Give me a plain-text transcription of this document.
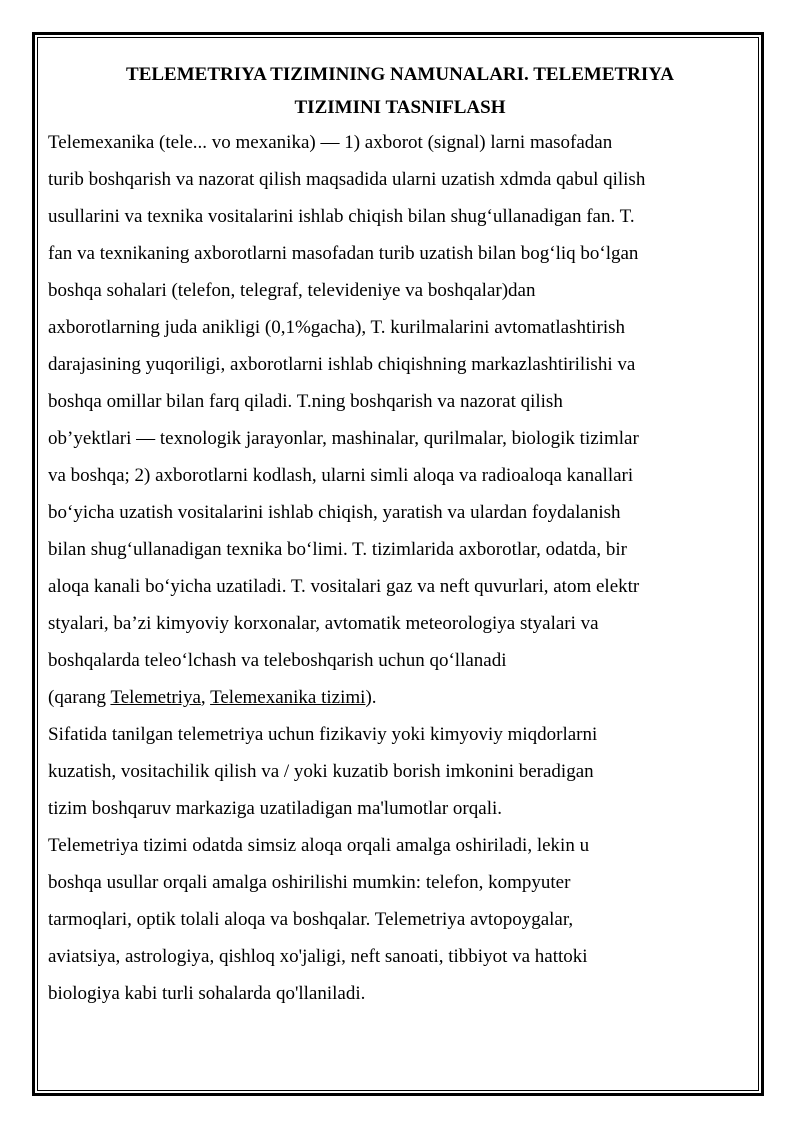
TELEMETRIYA TIZIMINING NAMUNALARI. TELEMETRIYA
TIZIMINI TASNIFLASH

Telemexanika (tele... vo mexanika) — 1) axborot (signal) larni masofadan
turib boshqarish va nazorat qilish maqsadida ularni uzatish xdmda qabul qilish
usullarini va texnika vositalarini ishlab chiqish bilan shug‘ullanadigan fan. T.
fan va texnikaning axborotlarni masofadan turib uzatish bilan bog‘liq bo‘lgan
boshqa sohalari (telefon, telegraf, televideniye va boshqalar)dan
axborotlarning juda anikligi (0,1%gacha), T. kurilmalarini avtomatlashtirish
darajasining yuqoriligi, axborotlarni ishlab chiqishning markazlashtirilishi va
boshqa omillar bilan farq qiladi. T.ning boshqarish va nazorat qilish
ob’yektlari — texnologik jarayonlar, mashinalar, qurilmalar, biologik tizimlar
va boshqa; 2) axborotlarni kodlash, ularni simli aloqa va radioaloqa kanallari
bo‘yicha uzatish vositalarini ishlab chiqish, yaratish va ulardan foydalanish
bilan shug‘ullanadigan texnika bo‘limi. T. tizimlarida axborotlar, odatda, bir
aloqa kanali bo‘yicha uzatiladi. T. vositalari gaz va neft quvurlari, atom elektr
styalari, ba’zi kimyoviy korxonalar, avtomatik meteorologiya styalari va
boshqalarda teleo‘lchash va teleboshqarish uchun qo‘llanadi
(qarang Telemetriya, Telemexanika tizimi).

Sifatida tanilgan telemetriya uchun fizikaviy yoki kimyoviy miqdorlarni
kuzatish, vositachilik qilish va / yoki kuzatib borish imkonini beradigan
tizim boshqaruv markaziga uzatiladigan ma'lumotlar orqali.

Telemetriya tizimi odatda simsiz aloqa orqali amalga oshiriladi, lekin u
boshqa usullar orqali amalga oshirilishi mumkin: telefon, kompyuter
tarmoqlari, optik tolali aloqa va boshqalar. Telemetriya avtopoygalar,
aviatsiya, astrologiya, qishloq xo'jaligi, neft sanoati, tibbiyot va hattoki
biologiya kabi turli sohalarda qo'llaniladi.
